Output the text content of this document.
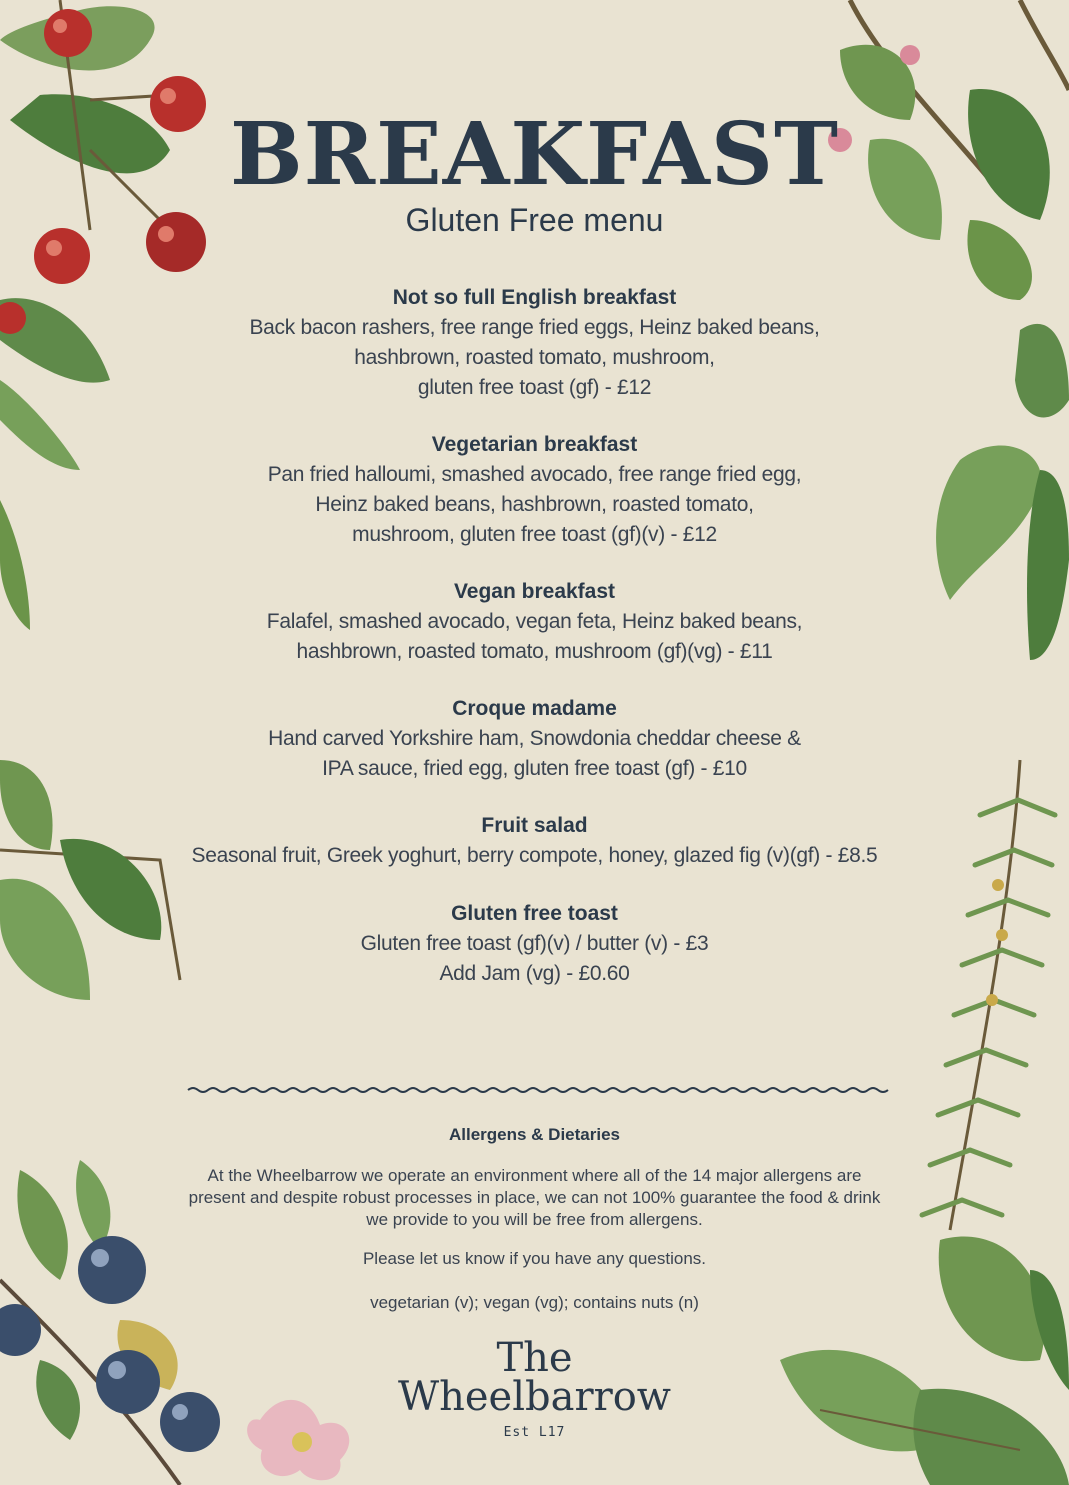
BREAKFAST
Gluten Free menu
Not so full English breakfast
Back bacon rashers, free range fried eggs, Heinz baked beans,
hashbrown, roasted tomato, mushroom,
gluten free toast (gf) - £12
Vegetarian breakfast
Pan fried halloumi, smashed avocado, free range fried egg,
Heinz baked beans, hashbrown, roasted tomato,
mushroom, gluten free toast (gf)(v) - £12
Vegan breakfast
Falafel, smashed avocado, vegan feta, Heinz baked beans,
hashbrown, roasted tomato, mushroom (gf)(vg) - £11
Croque madame
Hand carved Yorkshire ham, Snowdonia cheddar cheese &
IPA sauce, fried egg, gluten free toast (gf) - £10
Fruit salad
Seasonal fruit, Greek yoghurt, berry compote, honey, glazed fig (v)(gf) - £8.5
Gluten free toast
Gluten free toast (gf)(v) / butter (v) - £3
Add Jam (vg) - £0.60
Allergens & Dietaries
At the Wheelbarrow we operate an environment where all of the 14 major allergens are
present and despite robust processes in place, we can not 100% guarantee the food & drink
we provide to you will be free from allergens.
Please let us know if you have any questions.
vegetarian (v); vegan (vg); contains nuts (n)
The
Wheelbarrow
Est L17
